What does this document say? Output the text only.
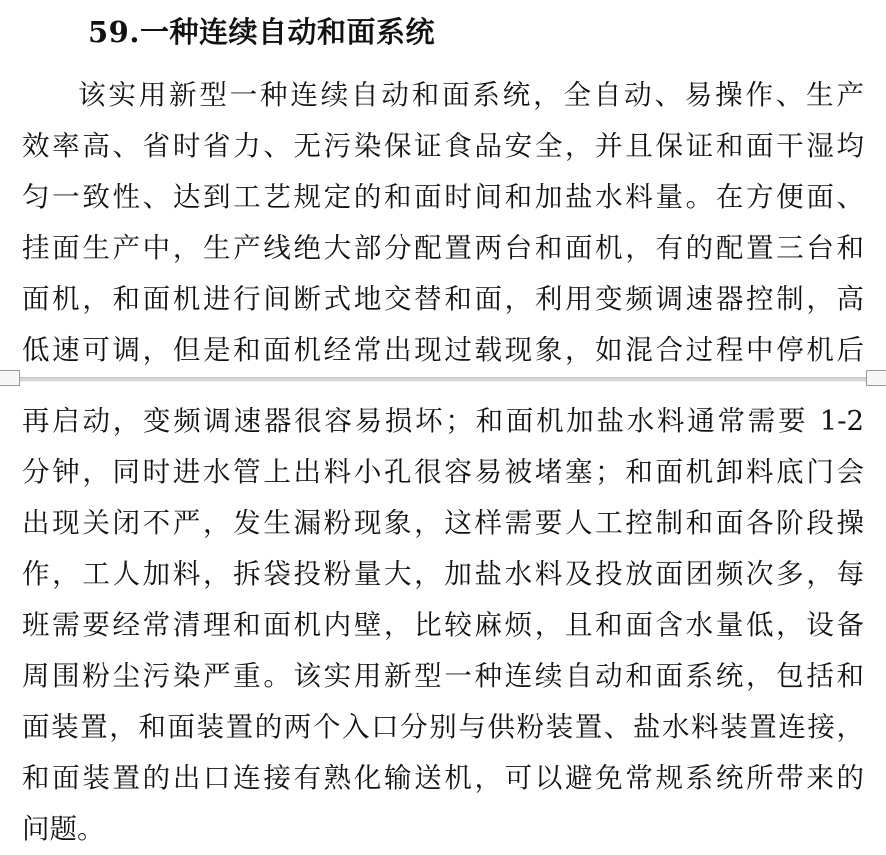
59.一种连续自动和面系统
该实用新型一种连续自动和面系统，全自动、易操作、生产
效率高、省时省力、无污染保证食品安全，并且保证和面干湿均
匀一致性、达到工艺规定的和面时间和加盐水料量。在方便面、
挂面生产中，生产线绝大部分配置两台和面机，有的配置三台和
面机，和面机进行间断式地交替和面，利用变频调速器控制，高
低速可调，但是和面机经常出现过载现象，如混合过程中停机后
再启动，变频调速器很容易损坏；和面机加盐水料通常需要 1-2
分钟，同时进水管上出料小孔很容易被堵塞；和面机卸料底门会
出现关闭不严，发生漏粉现象，这样需要人工控制和面各阶段操
作，工人加料，拆袋投粉量大，加盐水料及投放面团频次多，每
班需要经常清理和面机内壁，比较麻烦，且和面含水量低，设备
周围粉尘污染严重。该实用新型一种连续自动和面系统，包括和
面装置，和面装置的两个入口分别与供粉装置、盐水料装置连接，
和面装置的出口连接有熟化输送机，可以避免常规系统所带来的
问题。
